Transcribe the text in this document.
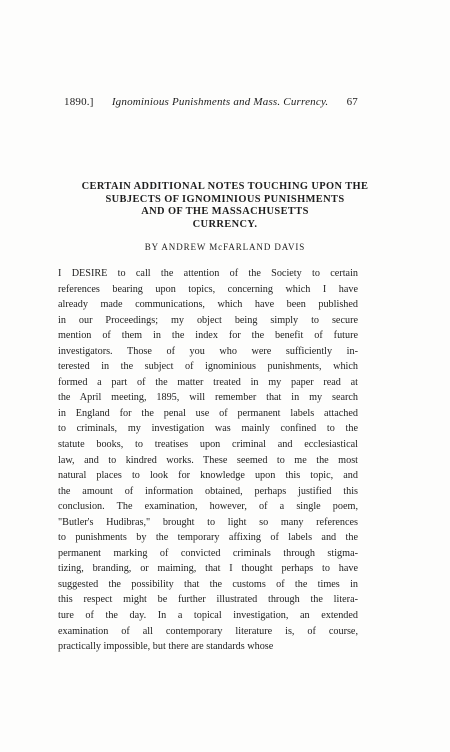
1890.]	Ignominious Punishments and Mass. Currency.	67
CERTAIN ADDITIONAL NOTES TOUCHING UPON THE
SUBJECTS OF IGNOMINIOUS PUNISHMENTS
AND OF THE MASSACHUSETTS
CURRENCY.
BY ANDREW McFARLAND DAVIS
I DESIRE to call the attention of the Society to certain
references bearing upon topics, concerning which I have
already made communications, which have been published
in our Proceedings; my object being simply to secure
mention of them in the index for the benefit of future
investigators. Those of you who were sufficiently in-
terested in the subject of ignominious punishments, which
formed a part of the matter treated in my paper read at
the April meeting, 1895, will remember that in my search
in England for the penal use of permanent labels attached
to criminals, my investigation was mainly confined to the
statute books, to treatises upon criminal and ecclesiastical
law, and to kindred works. These seemed to me the most
natural places to look for knowledge upon this topic, and
the amount of information obtained, perhaps justified this
conclusion. The examination, however, of a single poem,
"Butler's Hudibras," brought to light so many references
to punishments by the temporary affixing of labels and the
permanent marking of convicted criminals through stigma-
tizing, branding, or maiming, that I thought perhaps to have
suggested the possibility that the customs of the times in
this respect might be further illustrated through the litera-
ture of the day. In a topical investigation, an extended
examination of all contemporary literature is, of course,
practically impossible, but there are standards whose
